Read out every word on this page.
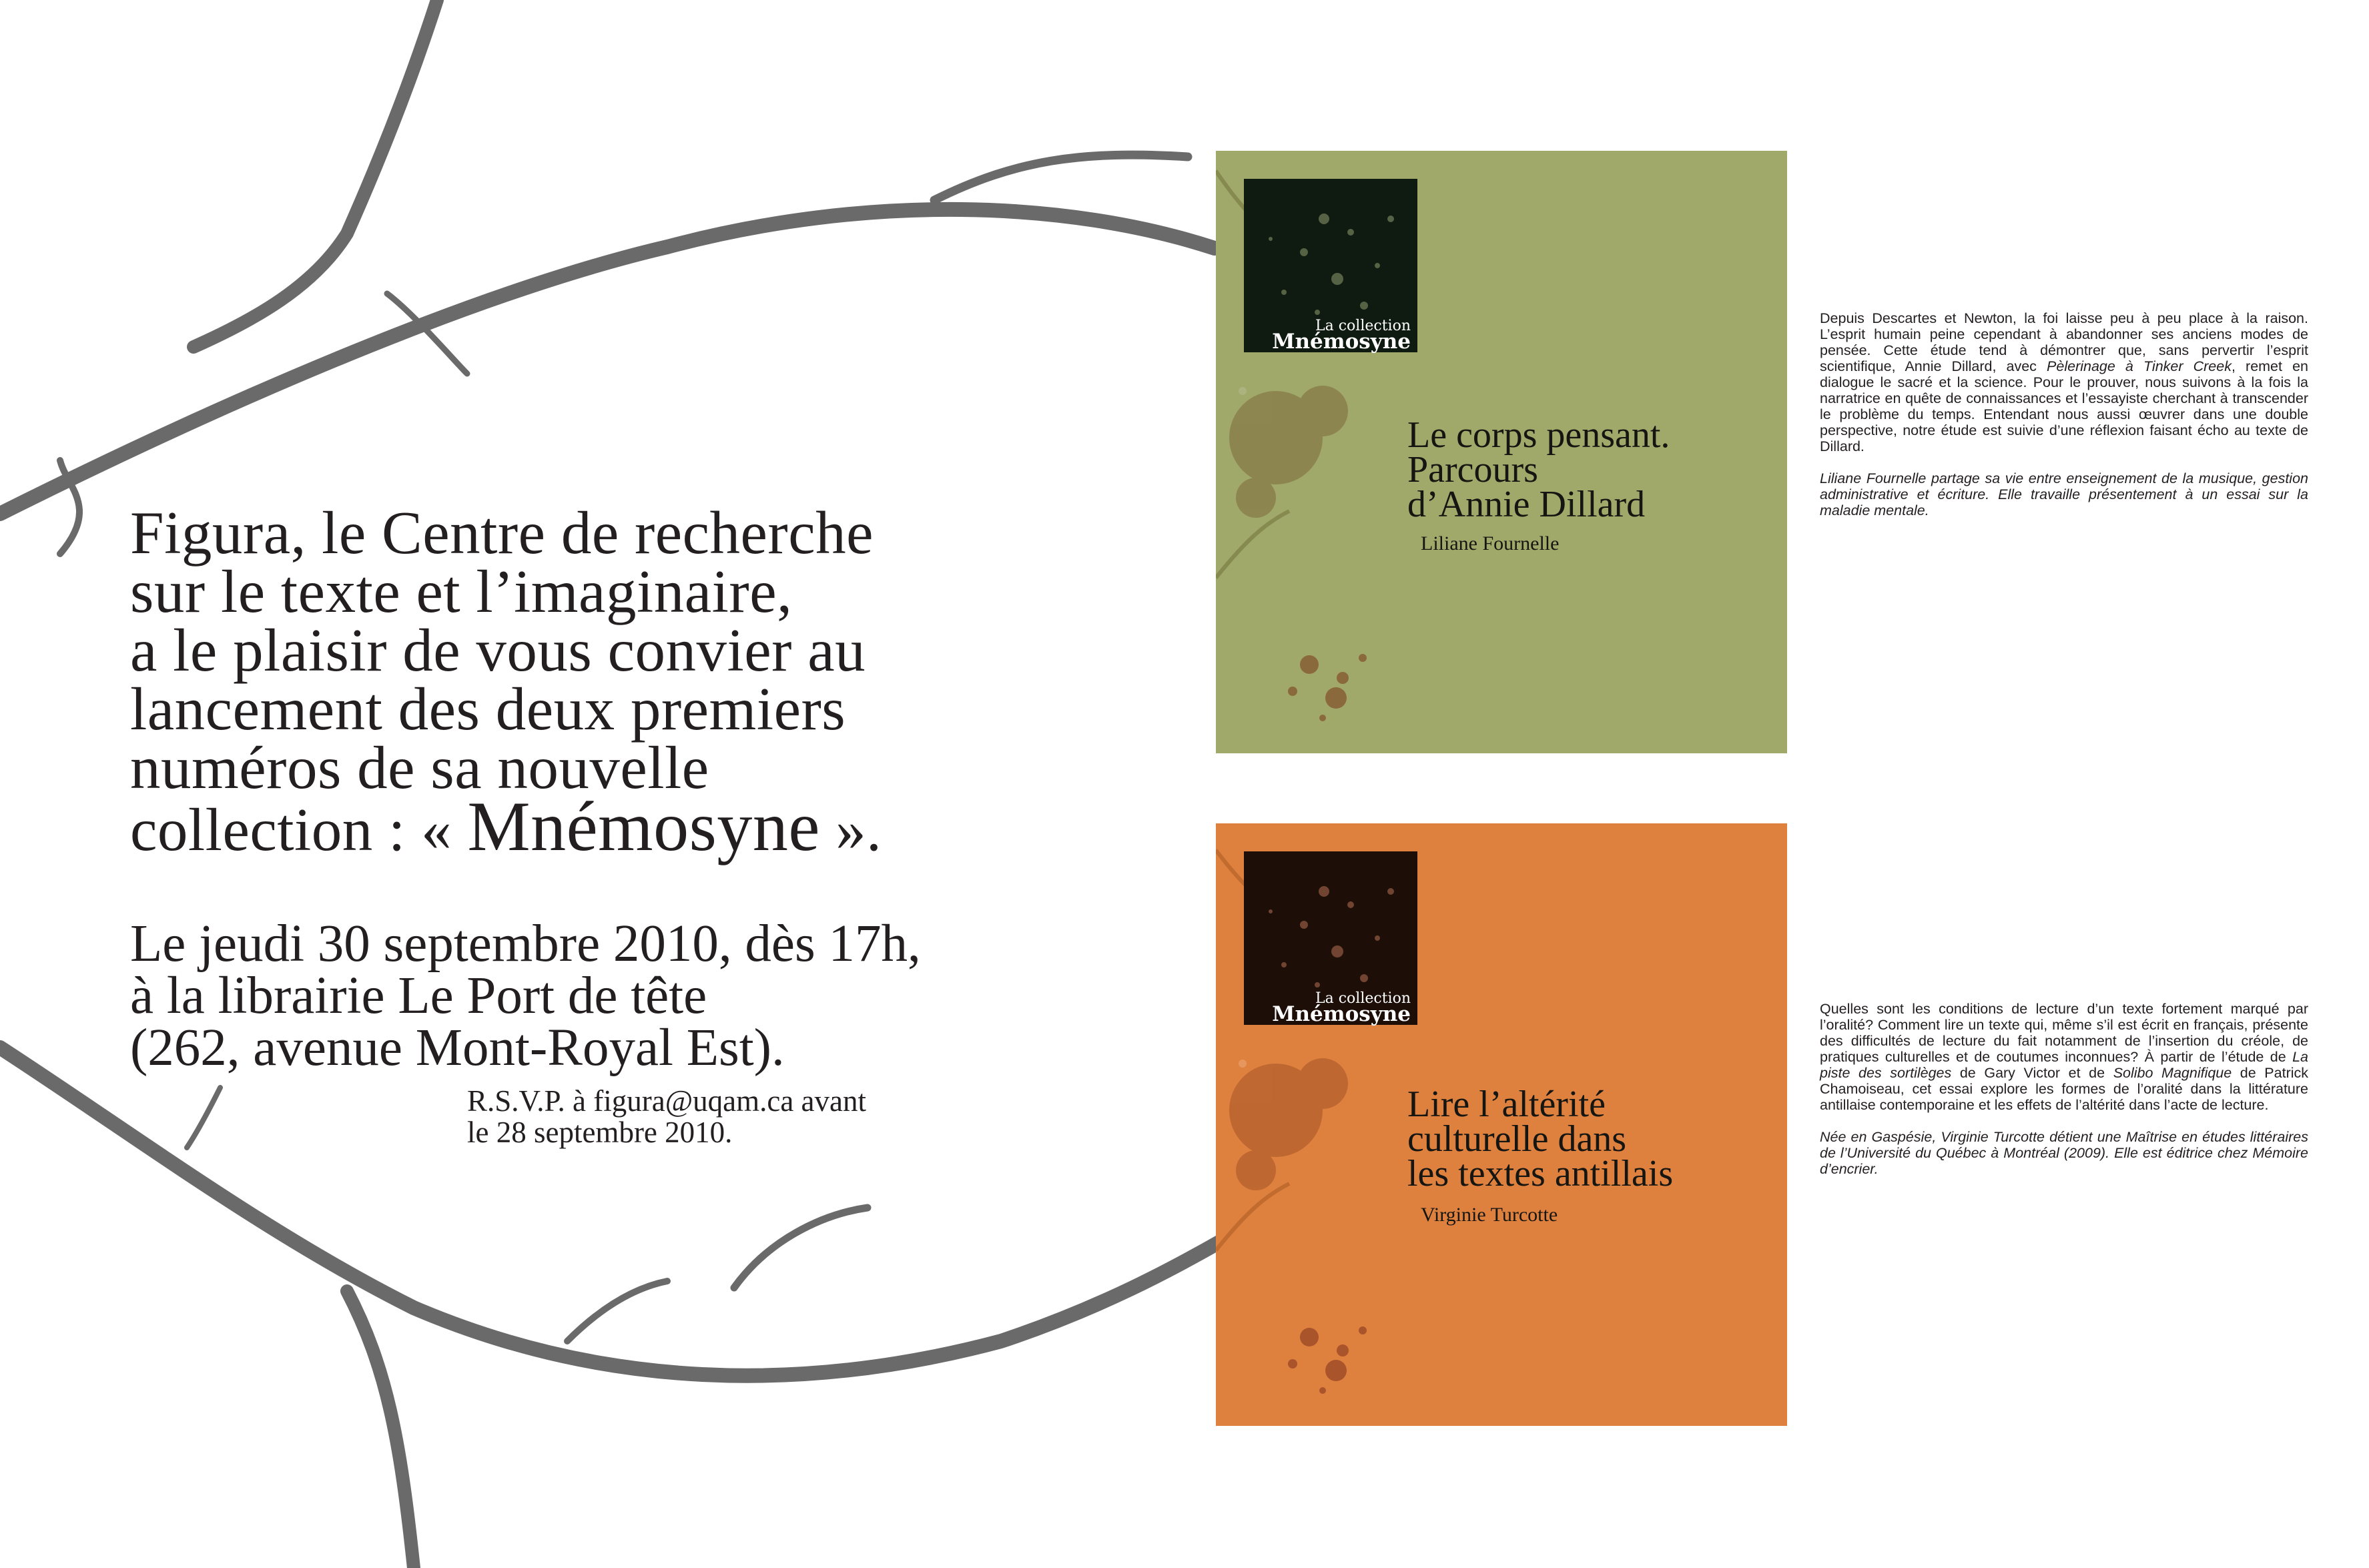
Figura, le Centre de recherche
sur le texte et l’imaginaire,
a le plaisir de vous convier au
lancement des deux premiers
numéros de sa nouvelle
collection : « Mnémosyne ».
Le jeudi 30 septembre 2010, dès 17h,
à la librairie Le Port de tête
(262, avenue Mont-Royal Est).
R.S.V.P. à figura@uqam.ca avant
le 28 septembre 2010.
La collection
Mnémosyne
Le corps pensant.
Parcours
d’Annie Dillard
Liliane Fournelle

Depuis Descartes et Newton, la foi laisse peu à peu place à la raison. L’esprit humain peine cependant à abandonner ses anciens modes de pensée. Cette étude tend à démontrer que, sans pervertir l’esprit scientifique, Annie Dillard, avec Pèlerinage à Tinker Creek, remet en dialogue le sacré et la science. Pour le prouver, nous suivons à la fois la narratrice en quête de connaissances et l’essayiste cherchant à transcender le problème du temps. Entendant nous aussi œuvrer dans une double perspective, notre étude est suivie d’une réflexion faisant écho au texte de Dillard.

Liliane Fournelle partage sa vie entre enseignement de la musique, gestion administrative et écriture. Elle travaille présentement à un essai sur la maladie mentale.

La collection
Mnémosyne
Lire l’altérité
culturelle dans
les textes antillais
Virginie Turcotte

Quelles sont les conditions de lecture d’un texte fortement marqué par l’oralité? Comment lire un texte qui, même s’il est écrit en français, présente des difficultés de lecture du fait notamment de l’insertion du créole, de pratiques culturelles et de coutumes inconnues? À partir de l’étude de La piste des sortilèges de Gary Victor et de Solibo Magnifique de Patrick Chamoiseau, cet essai explore les formes de l’oralité dans la littérature antillaise contemporaine et les effets de l’altérité dans l’acte de lecture.

Née en Gaspésie, Virginie Turcotte détient une Maîtrise en études littéraires de l’Université du Québec à Montréal (2009). Elle est éditrice chez Mémoire d’encrier.
